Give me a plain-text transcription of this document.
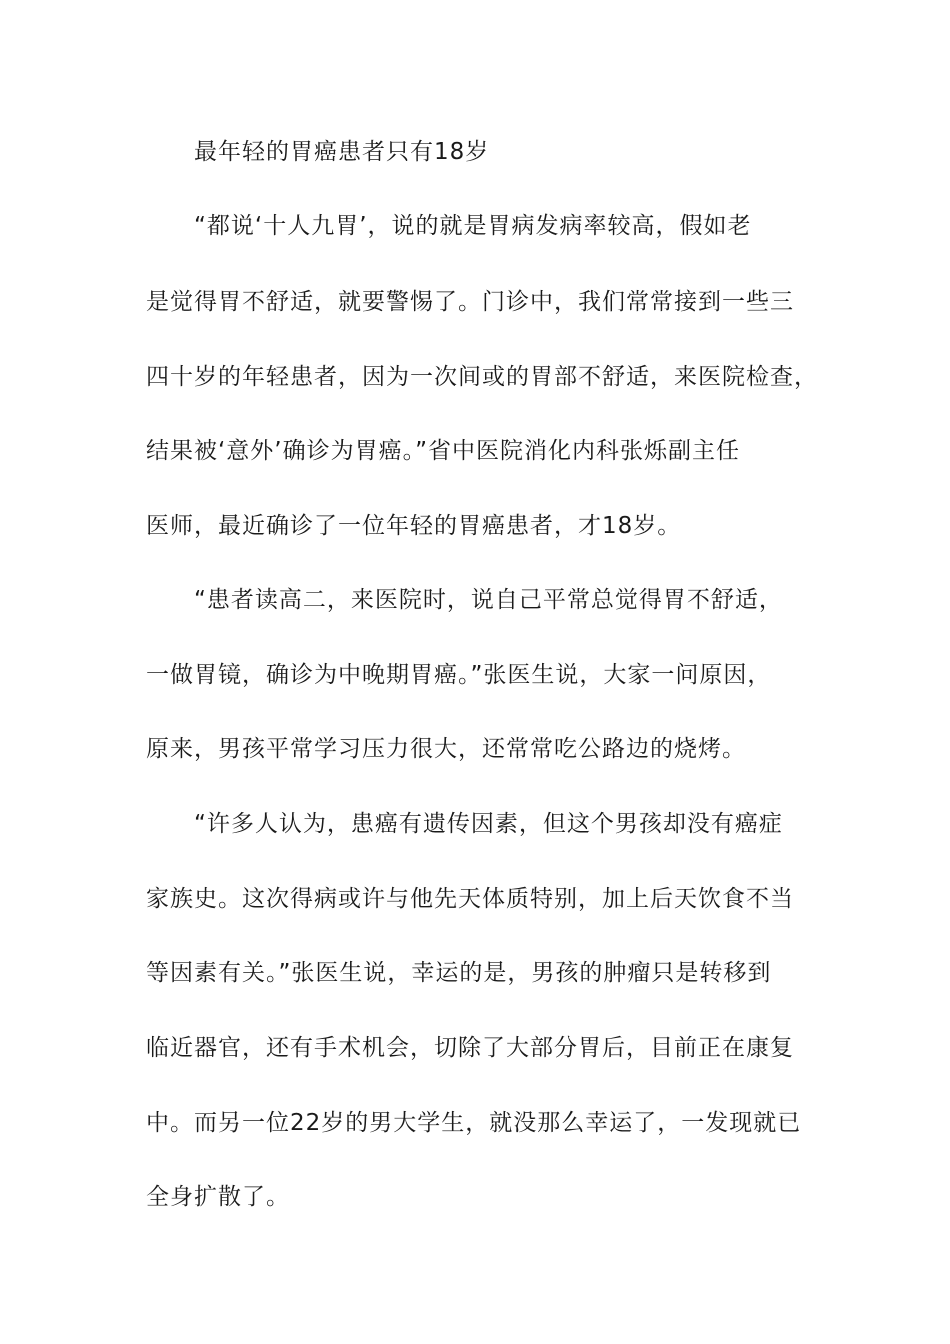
最年轻的胃癌患者只有18岁
“都说‘十人九胃’，说的就是胃病发病率较高，假如老
是觉得胃不舒适，就要警惕了。门诊中，我们常常接到一些三
四十岁的年轻患者，因为一次间或的胃部不舒适，来医院检查，
结果被‘意外’确诊为胃癌。”省中医院消化内科张烁副主任
医师，最近确诊了一位年轻的胃癌患者，才18岁。
“患者读高二，来医院时，说自己平常总觉得胃不舒适，
一做胃镜，确诊为中晚期胃癌。”张医生说，大家一问原因，
原来，男孩平常学习压力很大，还常常吃公路边的烧烤。
“许多人认为，患癌有遗传因素，但这个男孩却没有癌症
家族史。这次得病或许与他先天体质特别，加上后天饮食不当
等因素有关。”张医生说，幸运的是，男孩的肿瘤只是转移到
临近器官，还有手术机会，切除了大部分胃后，目前正在康复
中。而另一位22岁的男大学生，就没那么幸运了，一发现就已
全身扩散了。
